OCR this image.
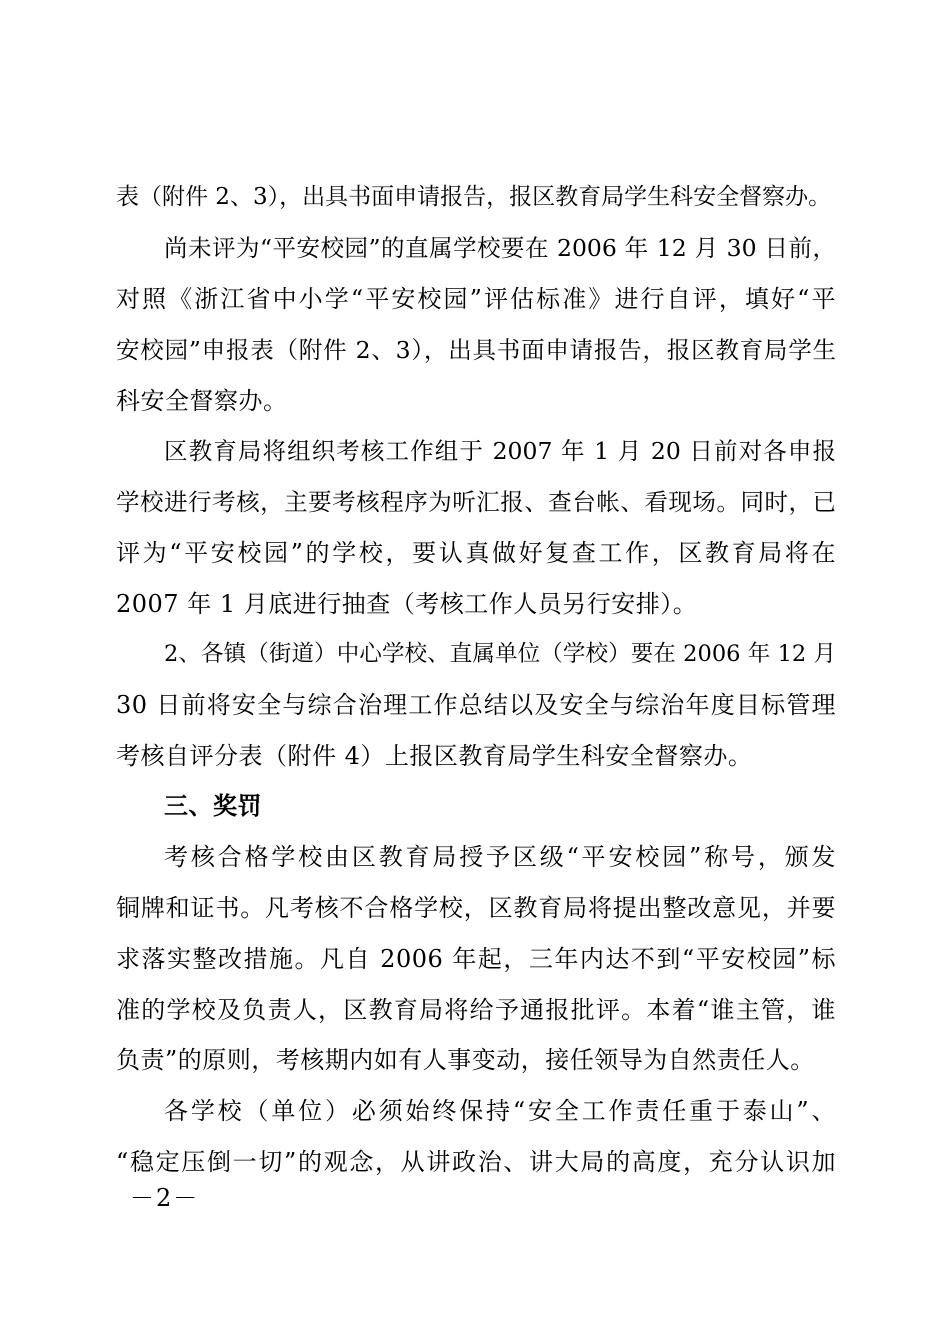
表（附件 2、3），出具书面申请报告，报区教育局学生科安全督察办。
尚未评为“平安校园”的直属学校要在 2006 年 12 月 30 日前，
对照《浙江省中小学“平安校园”评估标准》进行自评，填好“平
安校园”申报表（附件 2、3），出具书面申请报告，报区教育局学生
科安全督察办。
区教育局将组织考核工作组于 2007 年 1 月 20 日前对各申报
学校进行考核，主要考核程序为听汇报、查台帐、看现场。同时，已
评为“平安校园”的学校，要认真做好复查工作，区教育局将在
2007 年 1 月底进行抽查（考核工作人员另行安排）。
2、各镇（街道）中心学校、直属单位（学校）要在 2006 年 12 月
30 日前将安全与综合治理工作总结以及安全与综治年度目标管理
考核自评分表（附件 4）上报区教育局学生科安全督察办。
三、奖罚
考核合格学校由区教育局授予区级“平安校园”称号，颁发
铜牌和证书。凡考核不合格学校，区教育局将提出整改意见，并要
求落实整改措施。凡自 2006 年起，三年内达不到“平安校园”标
准的学校及负责人，区教育局将给予通报批评。本着“谁主管，谁
负责”的原则，考核期内如有人事变动，接任领导为自然责任人。
各学校（单位）必须始终保持“安全工作责任重于泰山”、
“稳定压倒一切”的观念，从讲政治、讲大局的高度，充分认识加
－2－
